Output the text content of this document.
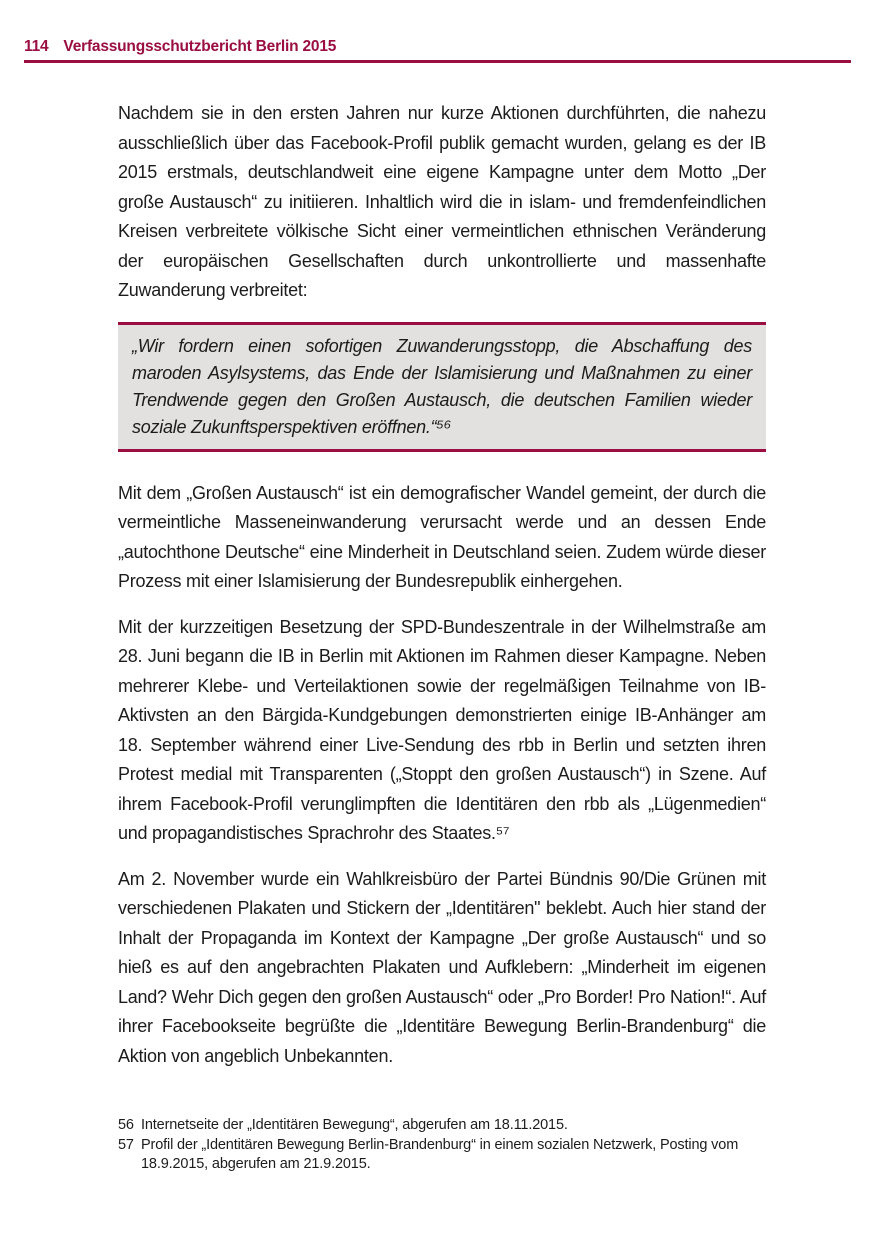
114 Verfassungsschutzbericht Berlin 2015

Nachdem sie in den ersten Jahren nur kurze Aktionen durchführten, die nahezu ausschließlich über das Facebook-Profil publik gemacht wurden, gelang es der IB 2015 erstmals, deutschlandweit eine eigene Kampagne unter dem Motto „Der große Austausch“ zu initiieren. Inhaltlich wird die in islam- und fremdenfeindlichen Kreisen verbreitete völkische Sicht einer vermeintlichen ethnischen Veränderung der europäischen Gesellschaften durch unkontrollierte und massenhafte Zuwanderung verbreitet:

„Wir fordern einen sofortigen Zuwanderungsstopp, die Abschaffung des maroden Asylsystems, das Ende der Islamisierung und Maßnahmen zu einer Trendwende gegen den Großen Austausch, die deutschen Familien wieder soziale Zukunftsperspektiven eröffnen.“⁵⁶

Mit dem „Großen Austausch“ ist ein demografischer Wandel gemeint, der durch die vermeintliche Masseneinwanderung verursacht werde und an dessen Ende „autochthone Deutsche“ eine Minderheit in Deutschland seien. Zudem würde dieser Prozess mit einer Islamisierung der Bundesrepublik einhergehen.

Mit der kurzzeitigen Besetzung der SPD-Bundeszentrale in der Wilhelmstraße am 28. Juni begann die IB in Berlin mit Aktionen im Rahmen dieser Kampagne. Neben mehrerer Klebe- und Verteilaktionen sowie der regelmäßigen Teilnahme von IB-Aktivsten an den Bärgida-Kundgebungen demonstrierten einige IB-Anhänger am 18. September während einer Live-Sendung des rbb in Berlin und setzten ihren Protest medial mit Transparenten („Stoppt den großen Austausch“) in Szene. Auf ihrem Facebook-Profil verunglimpften die Identitären den rbb als „Lügenmedien“ und propagandistisches Sprachrohr des Staates.⁵⁷

Am 2. November wurde ein Wahlkreisbüro der Partei Bündnis 90/Die Grünen mit verschiedenen Plakaten und Stickern der „Identitären" beklebt. Auch hier stand der Inhalt der Propaganda im Kontext der Kampagne „Der große Austausch“ und so hieß es auf den angebrachten Plakaten und Aufklebern: „Minderheit im eigenen Land? Wehr Dich gegen den großen Austausch“ oder „Pro Border! Pro Nation!“. Auf ihrer Facebookseite begrüßte die „Identitäre Bewegung Berlin-Brandenburg“ die Aktion von angeblich Unbekannten.

56 Internetseite der „Identitären Bewegung“, abgerufen am 18.11.2015.
57 Profil der „Identitären Bewegung Berlin-Brandenburg“ in einem sozialen Netzwerk, Posting vom 18.9.2015, abgerufen am 21.9.2015.
